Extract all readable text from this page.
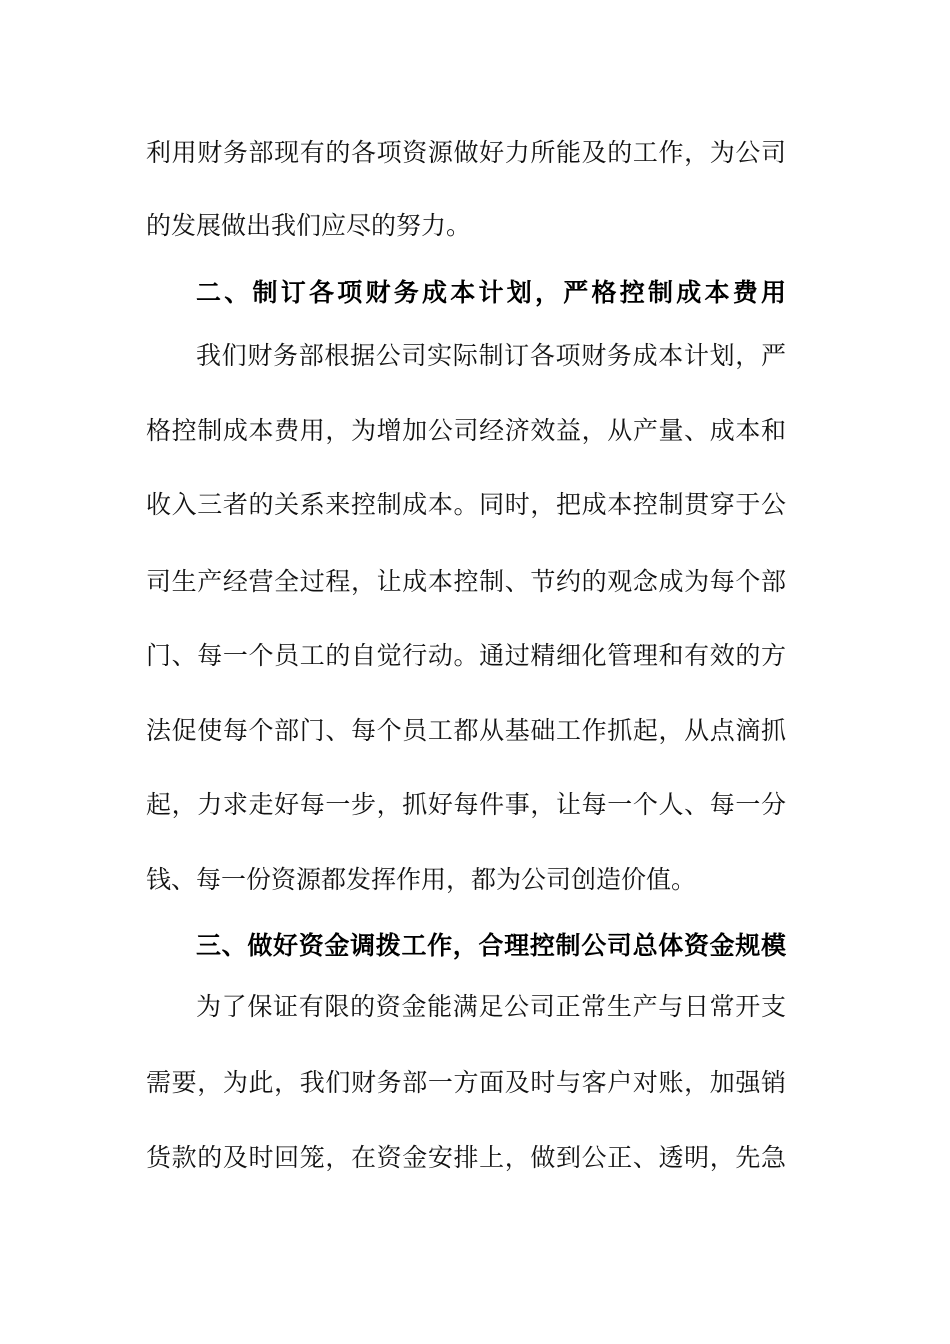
利用财务部现有的各项资源做好力所能及的工作，为公司
的发展做出我们应尽的努力。
二、制订各项财务成本计划，严格控制成本费用
我们财务部根据公司实际制订各项财务成本计划，严
格控制成本费用，为增加公司经济效益，从产量、成本和
收入三者的关系来控制成本。同时，把成本控制贯穿于公
司生产经营全过程，让成本控制、节约的观念成为每个部
门、每一个员工的自觉行动。通过精细化管理和有效的方
法促使每个部门、每个员工都从基础工作抓起，从点滴抓
起，力求走好每一步，抓好每件事，让每一个人、每一分
钱、每一份资源都发挥作用，都为公司创造价值。
三、做好资金调拨工作，合理控制公司总体资金规模
为了保证有限的资金能满足公司正常生产与日常开支
需要，为此，我们财务部一方面及时与客户对账，加强销
货款的及时回笼，在资金安排上，做到公正、透明，先急
